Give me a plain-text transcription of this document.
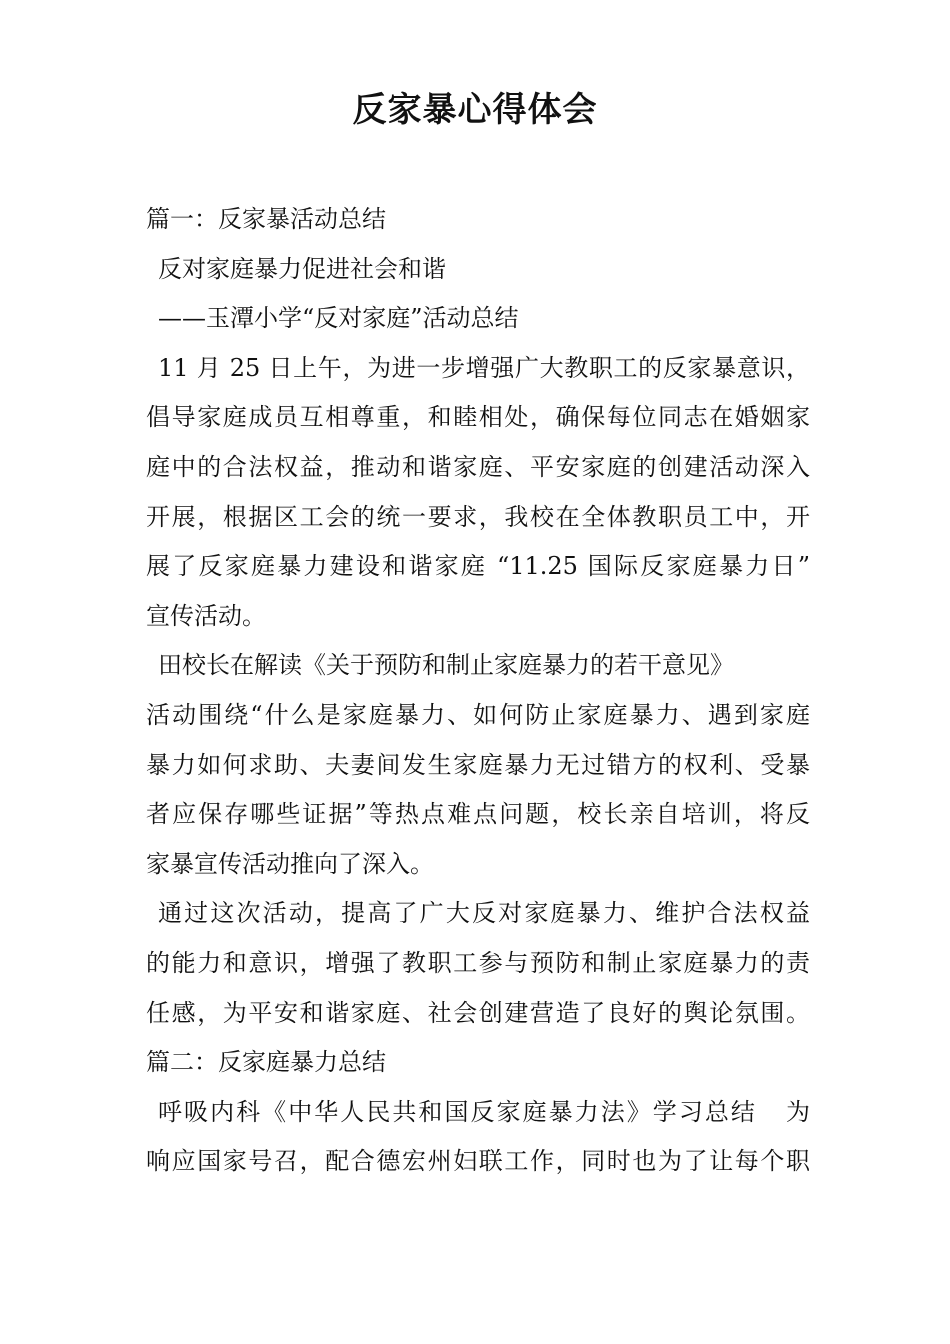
反家暴心得体会
篇一：反家暴活动总结
反对家庭暴力促进社会和谐
——玉潭小学“反对家庭”活动总结
11 月 25 日上午，为进一步增强广大教职工的反家暴意识，
倡导家庭成员互相尊重，和睦相处，确保每位同志在婚姻家
庭中的合法权益，推动和谐家庭、平安家庭的创建活动深入
开展，根据区工会的统一要求，我校在全体教职员工中，开
展了反家庭暴力建设和谐家庭 “11.25 国际反家庭暴力日”
宣传活动。
田校长在解读《关于预防和制止家庭暴力的若干意见》
活动围绕“什么是家庭暴力、如何防止家庭暴力、遇到家庭
暴力如何求助、夫妻间发生家庭暴力无过错方的权利、受暴
者应保存哪些证据”等热点难点问题，校长亲自培训，将反
家暴宣传活动推向了深入。
通过这次活动，提高了广大反对家庭暴力、维护合法权益
的能力和意识，增强了教职工参与预防和制止家庭暴力的责
任感，为平安和谐家庭、社会创建营造了良好的舆论氛围。
篇二：反家庭暴力总结
呼吸内科《中华人民共和国反家庭暴力法》学习总结   为
响应国家号召，配合德宏州妇联工作，同时也为了让每个职
